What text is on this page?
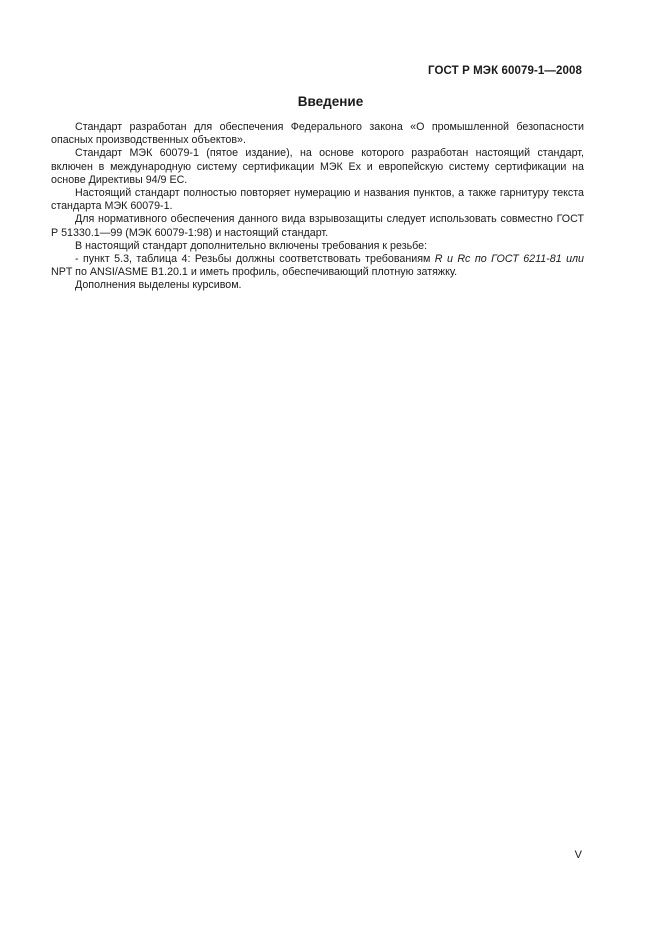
ГОСТ Р МЭК 60079-1—2008
Введение

Стандарт разработан для обеспечения Федерального закона «О промышленной безопасности опасных производственных объектов».

Стандарт МЭК 60079-1 (пятое издание), на основе которого разработан настоящий стандарт, включен в международную систему сертификации МЭК Ех и европейскую систему сертификации на основе Директивы 94/9 ЕС.

Настоящий стандарт полностью повторяет нумерацию и названия пунктов, а также гарнитуру текста стандарта МЭК 60079-1.

Для нормативного обеспечения данного вида взрывозащиты следует использовать совместно ГОСТ Р 51330.1—99 (МЭК 60079-1:98) и настоящий стандарт.

В настоящий стандарт дополнительно включены требования к резьбе:

- пункт 5.3, таблица 4: Резьбы должны соответствовать требованиям R и Rc по ГОСТ 6211-81 или NPT по ANSI/ASME B1.20.1 и иметь профиль, обеспечивающий плотную затяжку.

Дополнения выделены курсивом.

V
